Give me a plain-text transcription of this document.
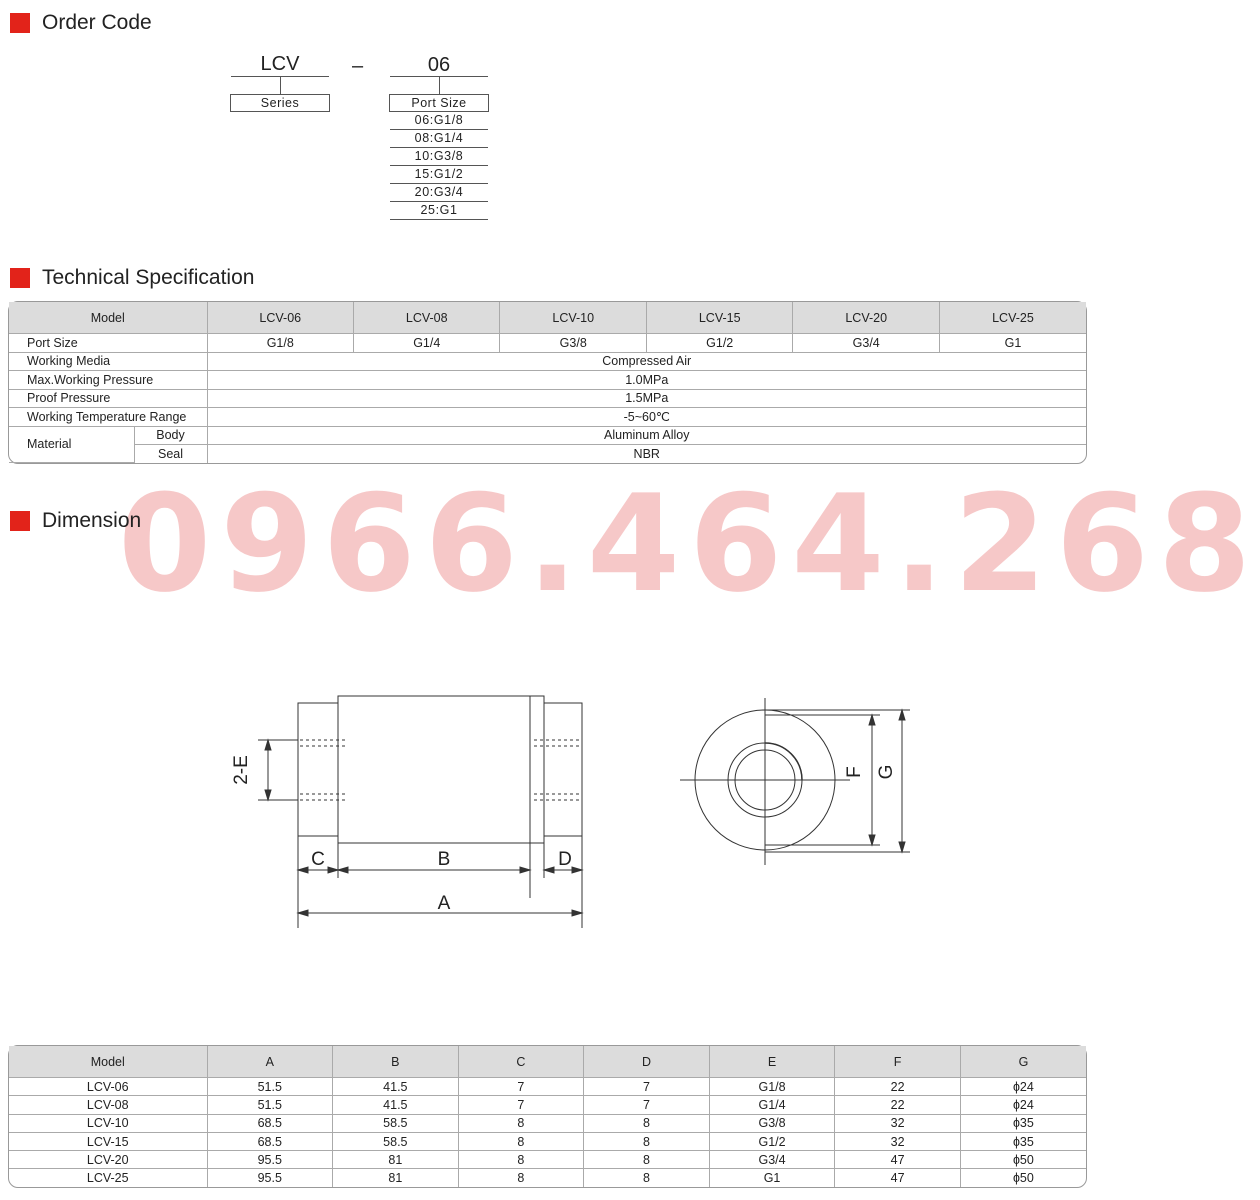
Order Code
LCV
Series
–	06
Port Size
06:G1/8
08:G1/4
10:G3/8
15:G1/2
20:G3/4
25:G1
Technical Specification
Model		LCV-06	LCV-08	LCV-10	LCV-15	LCV-20	LCV-25
Port Size		G1/8	G1/4	G3/8	G1/2	G3/4	G1
Working Media		Compressed Air					
Max.Working Pressure		1.0MPa					
Proof Pressure		1.5MPa					
Working Temperature Range		-5~60℃					
Material	Body	Aluminum Alloy					
	Seal	NBR					
0966.464.268
Dimension
2-E
C	B	D
A
F G
Model	A	B	C	D	E	F	G
LCV-06	51.5	41.5	7	7	G1/8	22	ɸ24
LCV-08	51.5	41.5	7	7	G1/4	22	ɸ24
LCV-10	68.5	58.5	8	8	G3/8	32	ɸ35
LCV-15	68.5	58.5	8	8	G1/2	32	ɸ35
LCV-20	95.5	81	8	8	G3/4	47	ɸ50
LCV-25	95.5	81	8	8	G1	47	ɸ50
